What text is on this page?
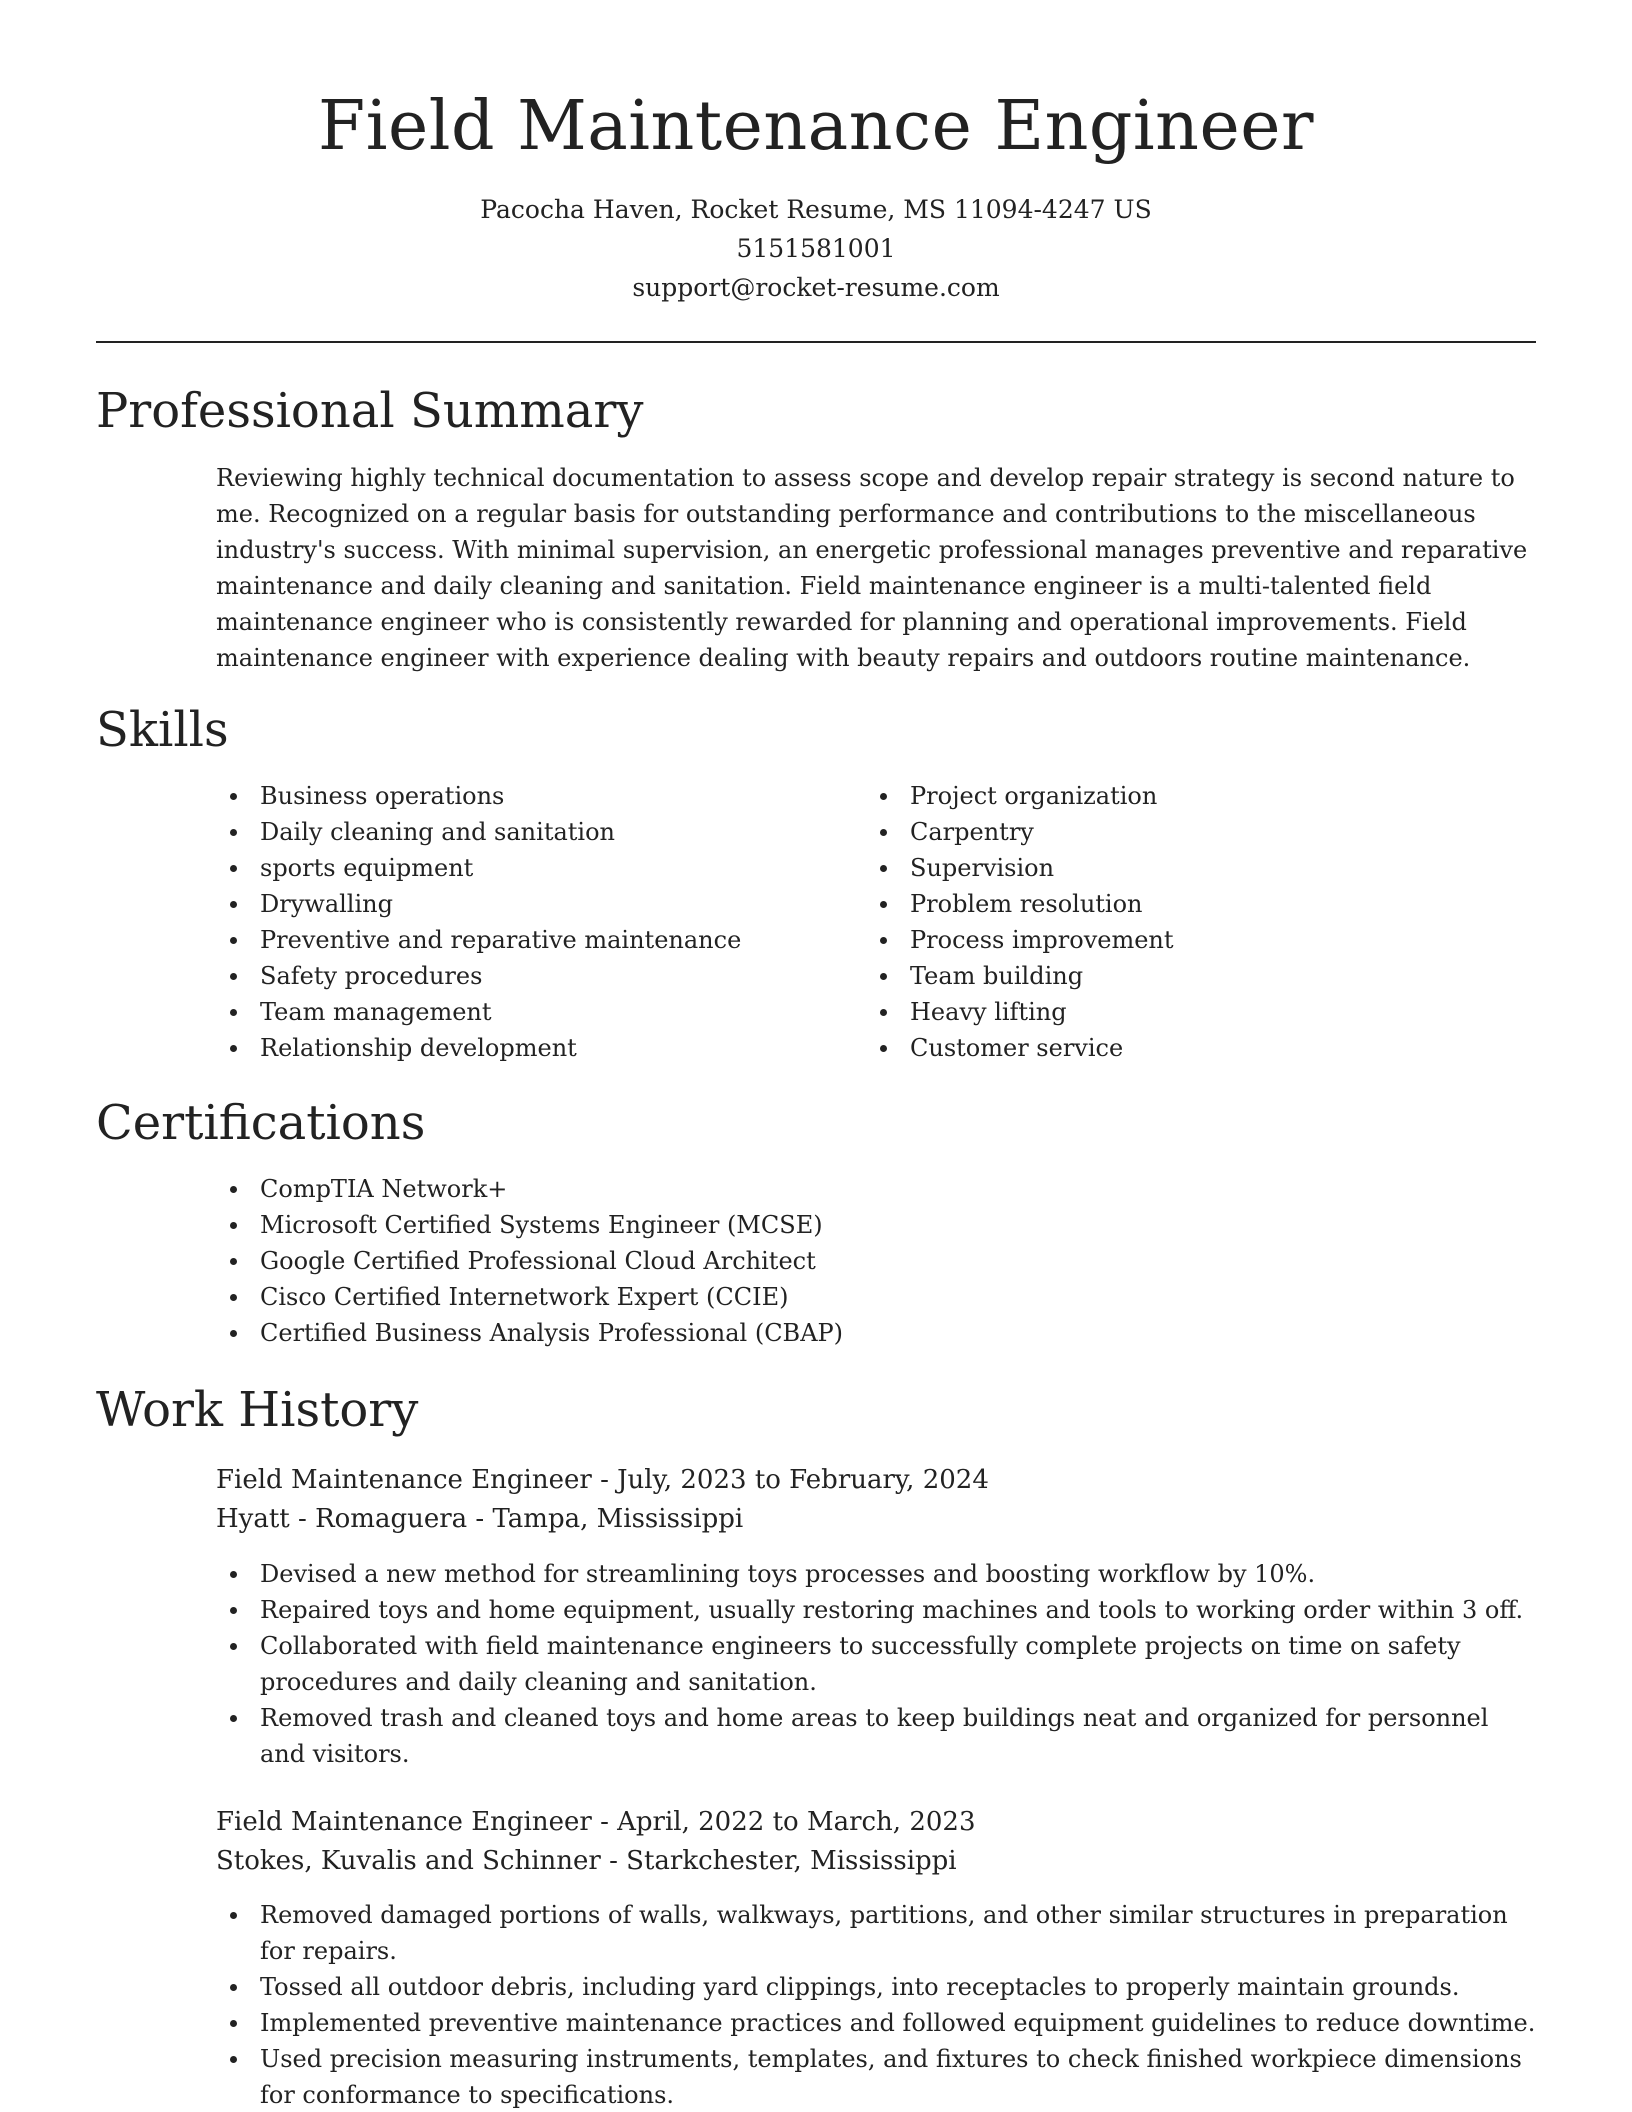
Field Maintenance Engineer
Pacocha Haven, Rocket Resume, MS 11094-4247 US
5151581001
support@rocket-resume.com
Professional Summary

Reviewing highly technical documentation to assess scope and develop repair strategy is second nature to me. Recognized on a regular basis for outstanding performance and contributions to the miscellaneous industry's success. With minimal supervision, an energetic professional manages preventive and reparative maintenance and daily cleaning and sanitation. Field maintenance engineer is a multi-talented field maintenance engineer who is consistently rewarded for planning and operational improvements. Field maintenance engineer with experience dealing with beauty repairs and outdoors routine maintenance.

Skills
Business operations
Daily cleaning and sanitation
sports equipment
Drywalling
Preventive and reparative maintenance
Safety procedures
Team management
Relationship development
Project organization
Carpentry
Supervision
Problem resolution
Process improvement
Team building
Heavy lifting
Customer service
Certifications
CompTIA Network+
Microsoft Certified Systems Engineer (MCSE)
Google Certified Professional Cloud Architect
Cisco Certified Internetwork Expert (CCIE)
Certified Business Analysis Professional (CBAP)
Work History
Field Maintenance Engineer - July, 2023 to February, 2024
Hyatt - Romaguera - Tampa, Mississippi
Devised a new method for streamlining toys processes and boosting workflow by 10%.
Repaired toys and home equipment, usually restoring machines and tools to working order within 3 off.
Collaborated with field maintenance engineers to successfully complete projects on time on safety procedures and daily cleaning and sanitation.
Removed trash and cleaned toys and home areas to keep buildings neat and organized for personnel and visitors.
Field Maintenance Engineer - April, 2022 to March, 2023
Stokes, Kuvalis and Schinner - Starkchester, Mississippi
Removed damaged portions of walls, walkways, partitions, and other similar structures in preparation for repairs.
Tossed all outdoor debris, including yard clippings, into receptacles to properly maintain grounds.
Implemented preventive maintenance practices and followed equipment guidelines to reduce downtime.
Used precision measuring instruments, templates, and fixtures to check finished workpiece dimensions for conformance to specifications.
